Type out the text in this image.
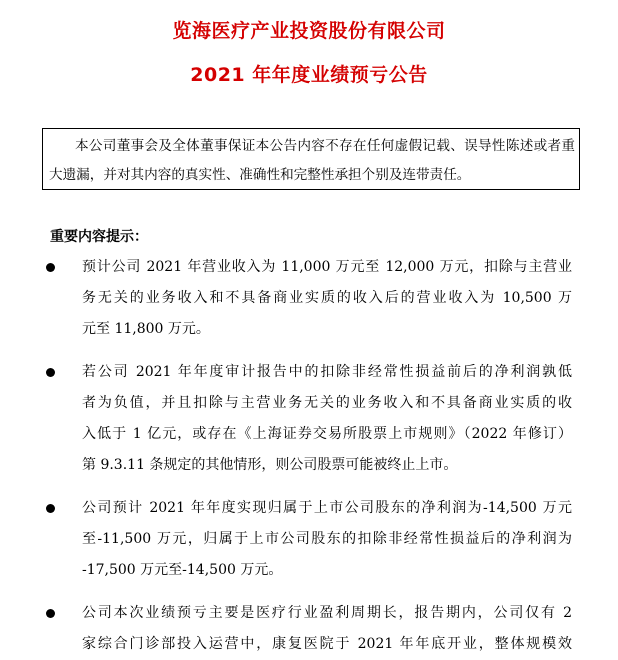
览海医疗产业投资股份有限公司
2021 年年度业绩预亏公告
本公司董事会及全体董事保证本公告内容不存在任何虚假记载、误导性陈述或者重大遗漏，并对其内容的真实性、准确性和完整性承担个别及连带责任。
重要内容提示：
预计公司 2021 年营业收入为 11,000 万元至 12,000 万元，扣除与主营业
务无关的业务收入和不具备商业实质的收入后的营业收入为 10,500 万
元至 11,800 万元。
若公司 2021 年年度审计报告中的扣除非经常性损益前后的净利润孰低
者为负值，并且扣除与主营业务无关的业务收入和不具备商业实质的收
入低于 1 亿元，或存在《上海证券交易所股票上市规则》（2022 年修订）
第 9.3.11 条规定的其他情形，则公司股票可能被终止上市。
公司预计 2021 年年度实现归属于上市公司股东的净利润为-14,500 万元
至-11,500 万元，归属于上市公司股东的扣除非经常性损益后的净利润为
-17,500 万元至-14,500 万元。
公司本次业绩预亏主要是医疗行业盈利周期长，报告期内，公司仅有 2
家综合门诊部投入运营中，康复医院于 2021 年年底开业，整体规模效
